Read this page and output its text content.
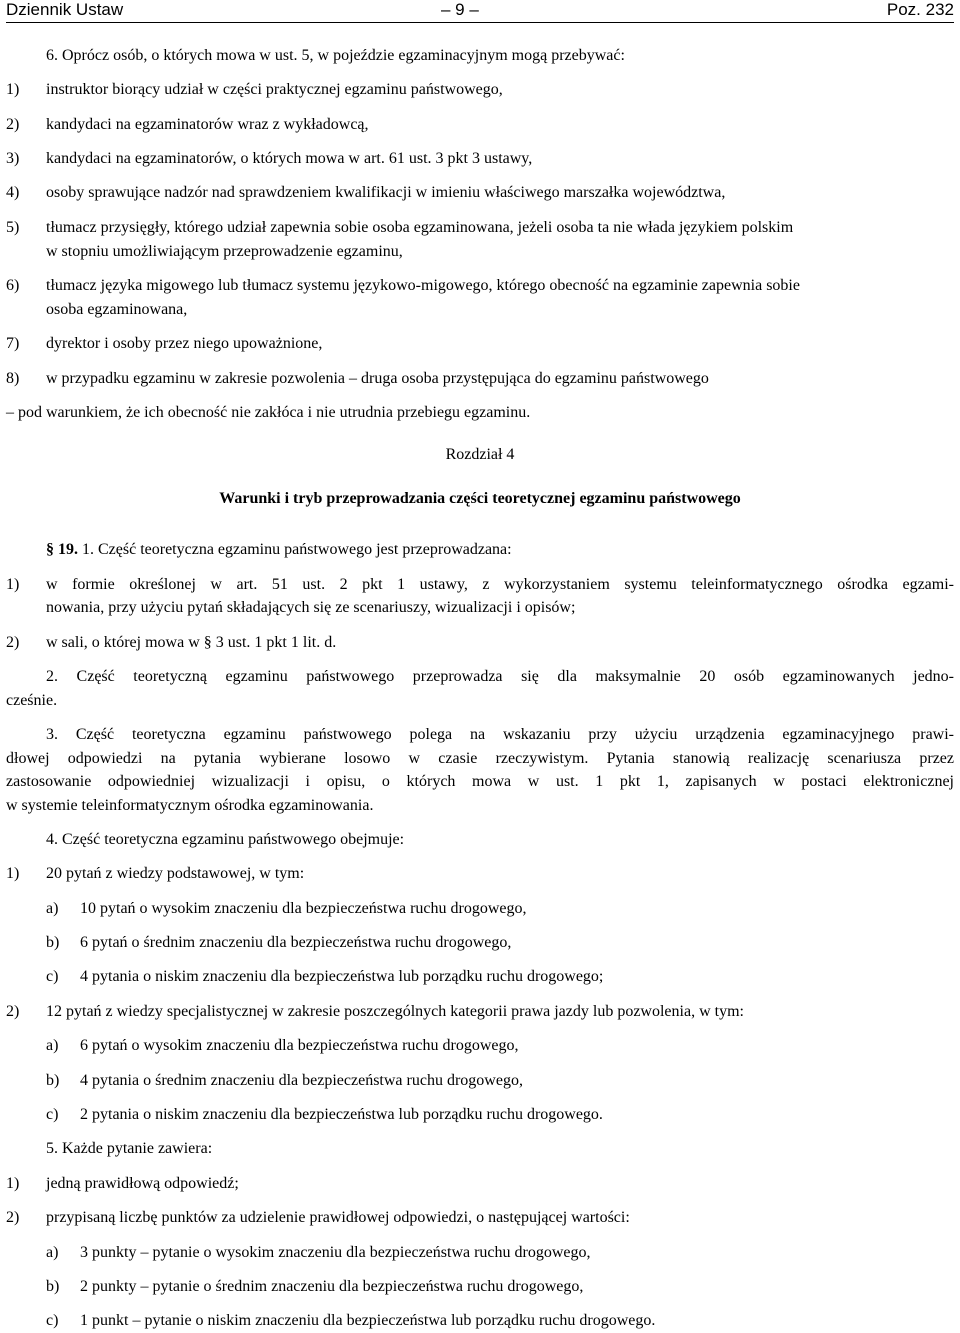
Dziennik Ustaw	– 9 –	Poz. 232
6. Oprócz osób, o których mowa w ust. 5, w pojeździe egzaminacyjnym mogą przebywać:
1) instruktor biorący udział w części praktycznej egzaminu państwowego,
2) kandydaci na egzaminatorów wraz z wykładowcą,
3) kandydaci na egzaminatorów, o których mowa w art. 61 ust. 3 pkt 3 ustawy,
4) osoby sprawujące nadzór nad sprawdzeniem kwalifikacji w imieniu właściwego marszałka województwa,
5) tłumacz przysięgły, którego udział zapewnia sobie osoba egzaminowana, jeżeli osoba ta nie włada językiem polskim
w stopniu umożliwiającym przeprowadzenie egzaminu,
6) tłumacz języka migowego lub tłumacz systemu językowo-migowego, którego obecność na egzaminie zapewnia sobie
osoba egzaminowana,
7) dyrektor i osoby przez niego upoważnione,
8) w przypadku egzaminu w zakresie pozwolenia – druga osoba przystępująca do egzaminu państwowego
– pod warunkiem, że ich obecność nie zakłóca i nie utrudnia przebiegu egzaminu.
Rozdział 4
Warunki i tryb przeprowadzania części teoretycznej egzaminu państwowego
§ 19. 1. Część teoretyczna egzaminu państwowego jest przeprowadzana:
1) w formie określonej w art. 51 ust. 2 pkt 1 ustawy, z wykorzystaniem systemu teleinformatycznego ośrodka egzami-
nowania, przy użyciu pytań składających się ze scenariuszy, wizualizacji i opisów;
2) w sali, o której mowa w § 3 ust. 1 pkt 1 lit. d.
2. Część teoretyczną egzaminu państwowego przeprowadza się dla maksymalnie 20 osób egzaminowanych jedno-
cześnie.
3. Część teoretyczna egzaminu państwowego polega na wskazaniu przy użyciu urządzenia egzaminacyjnego prawi-
dłowej odpowiedzi na pytania wybierane losowo w czasie rzeczywistym. Pytania stanowią realizację scenariusza przez
zastosowanie odpowiedniej wizualizacji i opisu, o których mowa w ust. 1 pkt 1, zapisanych w postaci elektronicznej
w systemie teleinformatycznym ośrodka egzaminowania.
4. Część teoretyczna egzaminu państwowego obejmuje:
1) 20 pytań z wiedzy podstawowej, w tym:
a) 10 pytań o wysokim znaczeniu dla bezpieczeństwa ruchu drogowego,
b) 6 pytań o średnim znaczeniu dla bezpieczeństwa ruchu drogowego,
c) 4 pytania o niskim znaczeniu dla bezpieczeństwa lub porządku ruchu drogowego;
2) 12 pytań z wiedzy specjalistycznej w zakresie poszczególnych kategorii prawa jazdy lub pozwolenia, w tym:
a) 6 pytań o wysokim znaczeniu dla bezpieczeństwa ruchu drogowego,
b) 4 pytania o średnim znaczeniu dla bezpieczeństwa ruchu drogowego,
c) 2 pytania o niskim znaczeniu dla bezpieczeństwa lub porządku ruchu drogowego.
5. Każde pytanie zawiera:
1) jedną prawidłową odpowiedź;
2) przypisaną liczbę punktów za udzielenie prawidłowej odpowiedzi, o następującej wartości:
a) 3 punkty – pytanie o wysokim znaczeniu dla bezpieczeństwa ruchu drogowego,
b) 2 punkty – pytanie o średnim znaczeniu dla bezpieczeństwa ruchu drogowego,
c) 1 punkt – pytanie o niskim znaczeniu dla bezpieczeństwa lub porządku ruchu drogowego.
